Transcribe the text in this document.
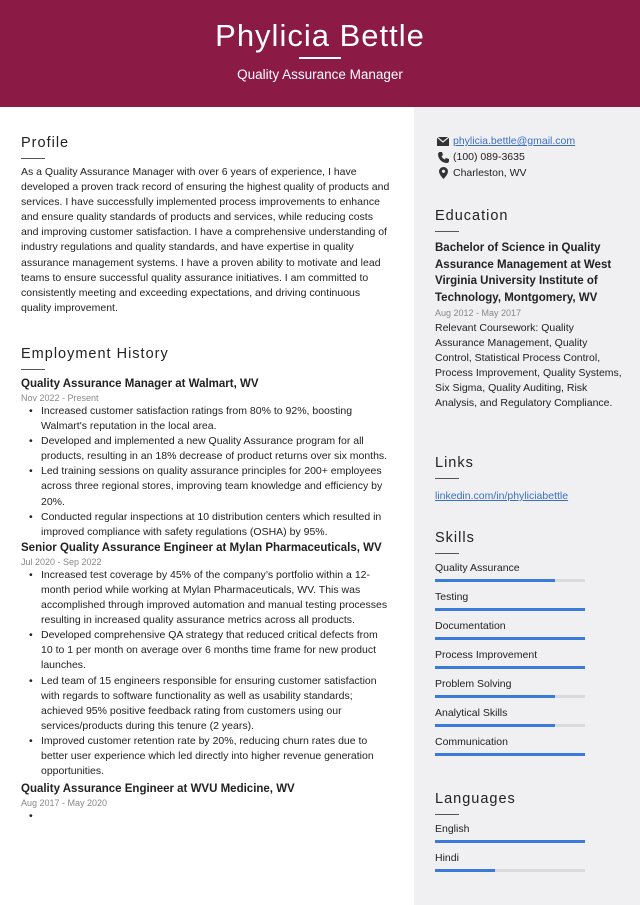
Phylicia Bettle
Quality Assurance Manager
Profile
As a Quality Assurance Manager with over 6 years of experience, I have developed a proven track record of ensuring the highest quality of products and services. I have successfully implemented process improvements to enhance and ensure quality standards of products and services, while reducing costs and improving customer satisfaction. I have a comprehensive understanding of industry regulations and quality standards, and have expertise in quality assurance management systems. I have a proven ability to motivate and lead teams to ensure successful quality assurance initiatives. I am committed to consistently meeting and exceeding expectations, and driving continuous quality improvement.
Employment History
Quality Assurance Manager at Walmart, WV
Nov 2022 - Present
• Increased customer satisfaction ratings from 80% to 92%, boosting Walmart's reputation in the local area.
• Developed and implemented a new Quality Assurance program for all products, resulting in an 18% decrease of product returns over six months.
• Led training sessions on quality assurance principles for 200+ employees across three regional stores, improving team knowledge and efficiency by 20%.
• Conducted regular inspections at 10 distribution centers which resulted in improved compliance with safety regulations (OSHA) by 95%.
Senior Quality Assurance Engineer at Mylan Pharmaceuticals, WV
Jul 2020 - Sep 2022
• Increased test coverage by 45% of the company’s portfolio within a 12-month period while working at Mylan Pharmaceuticals, WV. This was accomplished through improved automation and manual testing processes resulting in increased quality assurance metrics across all products.
• Developed comprehensive QA strategy that reduced critical defects from 10 to 1 per month on average over 6 months time frame for new product launches.
• Led team of 15 engineers responsible for ensuring customer satisfaction with regards to software functionality as well as usability standards; achieved 95% positive feedback rating from customers using our services/products during this tenure (2 years).
• Improved customer retention rate by 20%, reducing churn rates due to better user experience which led directly into higher revenue generation opportunities.
Quality Assurance Engineer at WVU Medicine, WV
Aug 2017 - May 2020
•
phylicia.bettle@gmail.com
(100) 089-3635
Charleston, WV
Education
Bachelor of Science in Quality Assurance Management at West Virginia University Institute of Technology, Montgomery, WV
Aug 2012 - May 2017
Relevant Coursework: Quality Assurance Management, Quality Control, Statistical Process Control, Process Improvement, Quality Systems, Six Sigma, Quality Auditing, Risk Analysis, and Regulatory Compliance.
Links
linkedin.com/in/phyliciabettle
Skills
Quality Assurance
Testing
Documentation
Process Improvement
Problem Solving
Analytical Skills
Communication
Languages
English
Hindi
